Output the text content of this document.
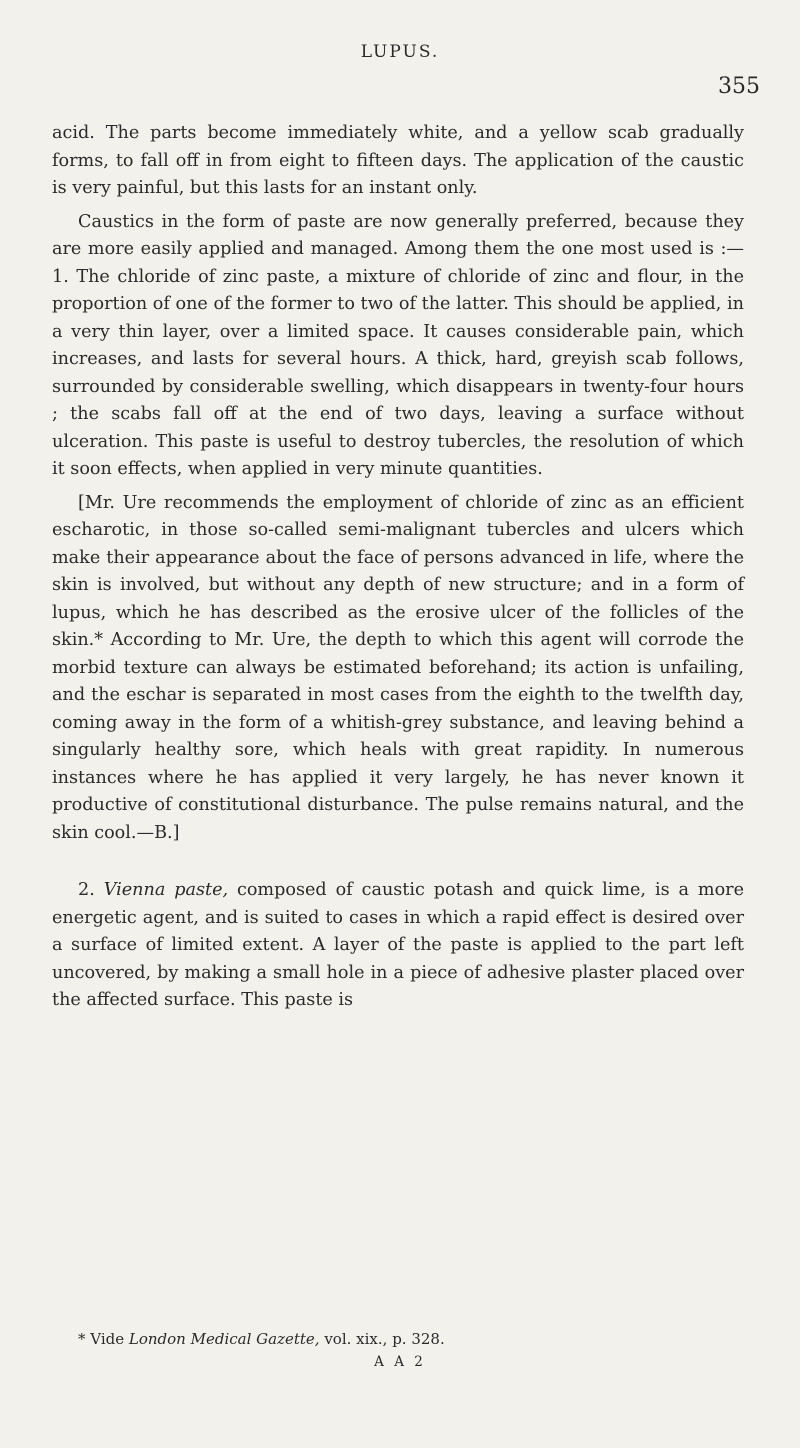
LUPUS.
355

acid. The parts become immediately white, and a yellow scab gradually forms, to fall off in from eight to fifteen days. The application of the caustic is very painful, but this lasts for an instant only.

Caustics in the form of paste are now generally preferred, because they are more easily applied and managed. Among them the one most used is :—1. The chloride of zinc paste, a mixture of chloride of zinc and flour, in the proportion of one of the former to two of the latter. This should be applied, in a very thin layer, over a limited space. It causes considerable pain, which increases, and lasts for several hours. A thick, hard, greyish scab follows, surrounded by considerable swelling, which disappears in twenty-four hours ; the scabs fall off at the end of two days, leaving a surface without ulceration. This paste is useful to destroy tubercles, the resolution of which it soon effects, when applied in very minute quantities.

[Mr. Ure recommends the employment of chloride of zinc as an efficient escharotic, in those so-called semi-malignant tubercles and ulcers which make their appearance about the face of persons advanced in life, where the skin is involved, but without any depth of new structure; and in a form of lupus, which he has described as the erosive ulcer of the follicles of the skin.* According to Mr. Ure, the depth to which this agent will corrode the morbid texture can always be estimated beforehand; its action is unfailing, and the eschar is separated in most cases from the eighth to the twelfth day, coming away in the form of a whitish-grey substance, and leaving behind a singularly healthy sore, which heals with great rapidity. In numerous instances where he has applied it very largely, he has never known it productive of constitutional disturbance. The pulse remains natural, and the skin cool.—B.]

2. Vienna paste, composed of caustic potash and quick lime, is a more energetic agent, and is suited to cases in which a rapid effect is desired over a surface of limited extent. A layer of the paste is applied to the part left uncovered, by making a small hole in a piece of adhesive plaster placed over the affected surface. This paste is

* Vide London Medical Gazette, vol. xix., p. 328.
A A 2
